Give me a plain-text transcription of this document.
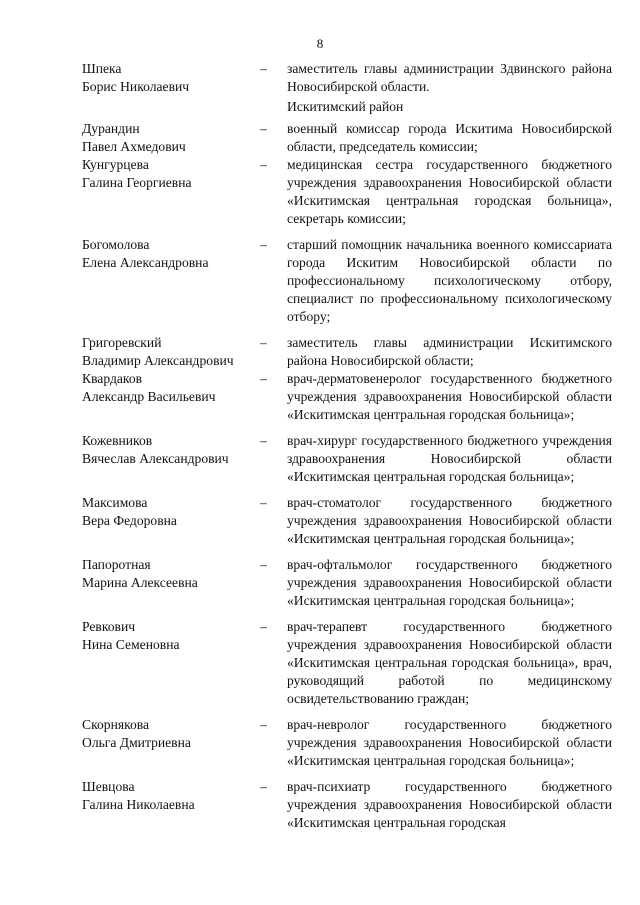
8
Шпека
Борис Николаевич
–	заместитель главы администрации Здвинского района Новосибирской области.
Искитимский район
Дурандин
Павел Ахмедович
–	военный комиссар города Искитима Новосибирской области, председатель комиссии;
Кунгурцева
Галина Георгиевна
–	медицинская сестра государственного бюджетного учреждения здравоохранения Новосибирской области «Искитимская центральная городская больница», секретарь комиссии;
Богомолова
Елена Александровна
–	старший помощник начальника военного комиссариата города Искитим Новосибирской области по профессиональному психологическому отбору, специалист по профессиональному психологическому отбору;
Григоревский
Владимир Александрович
–	заместитель главы администрации Искитимского района Новосибирской области;
Квардаков
Александр Васильевич
–	врач-дерматовенеролог государственного бюджетного учреждения здравоохранения Новосибирской области «Искитимская центральная городская больница»;
Кожевников
Вячеслав Александрович
–	врач-хирург государственного бюджетного учреждения здравоохранения Новосибирской области «Искитимская центральная городская больница»;
Максимова
Вера Федоровна
–	врач-стоматолог государственного бюджетного учреждения здравоохранения Новосибирской области «Искитимская центральная городская больница»;
Папоротная
Марина Алексеевна
–	врач-офтальмолог государственного бюджетного учреждения здравоохранения Новосибирской области «Искитимская центральная городская больница»;
Ревкович
Нина Семеновна
–	врач-терапевт государственного бюджетного учреждения здравоохранения Новосибирской области «Искитимская центральная городская больница», врач, руководящий работой по медицинскому освидетельствованию граждан;
Скорнякова
Ольга Дмитриевна
–	врач-невролог государственного бюджетного учреждения здравоохранения Новосибирской области «Искитимская центральная городская больница»;
Шевцова
Галина Николаевна
–	врач-психиатр государственного бюджетного учреждения здравоохранения Новосибирской области «Искитимская центральная городская
